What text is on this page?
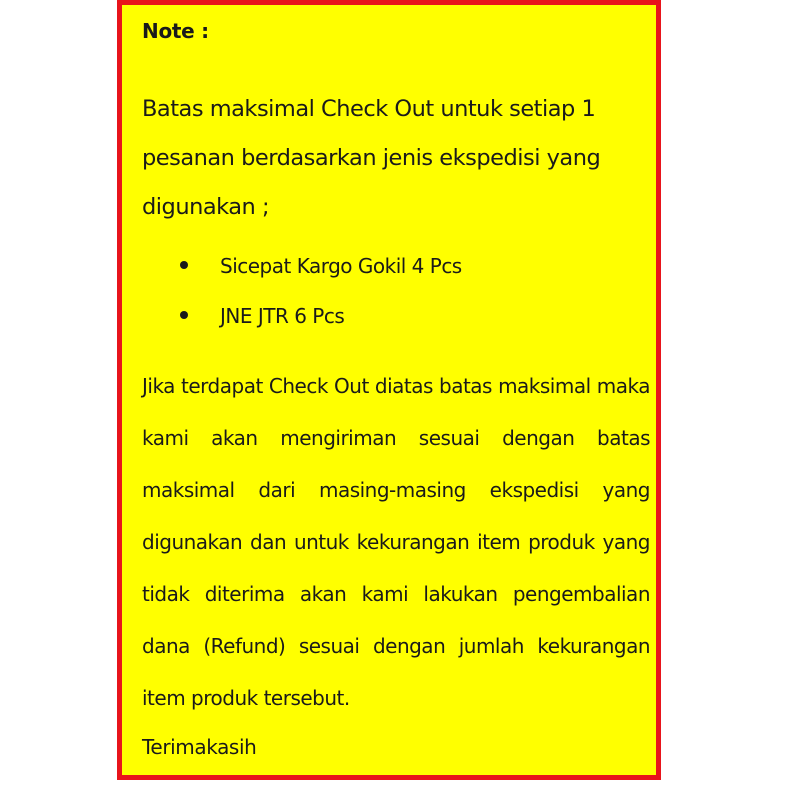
Note :
Batas maksimal Check Out untuk setiap 1 pesanan berdasarkan jenis ekspedisi yang digunakan ;
Sicepat Kargo Gokil 4 Pcs
JNE JTR 6 Pcs
Jika terdapat Check Out diatas batas maksimal maka kami akan mengiriman sesuai dengan batas maksimal dari masing-masing ekspedisi yang digunakan dan untuk kekurangan item produk yang tidak diterima akan kami lakukan pengembalian dana (Refund) sesuai dengan jumlah kekurangan item produk tersebut.
Terimakasih
